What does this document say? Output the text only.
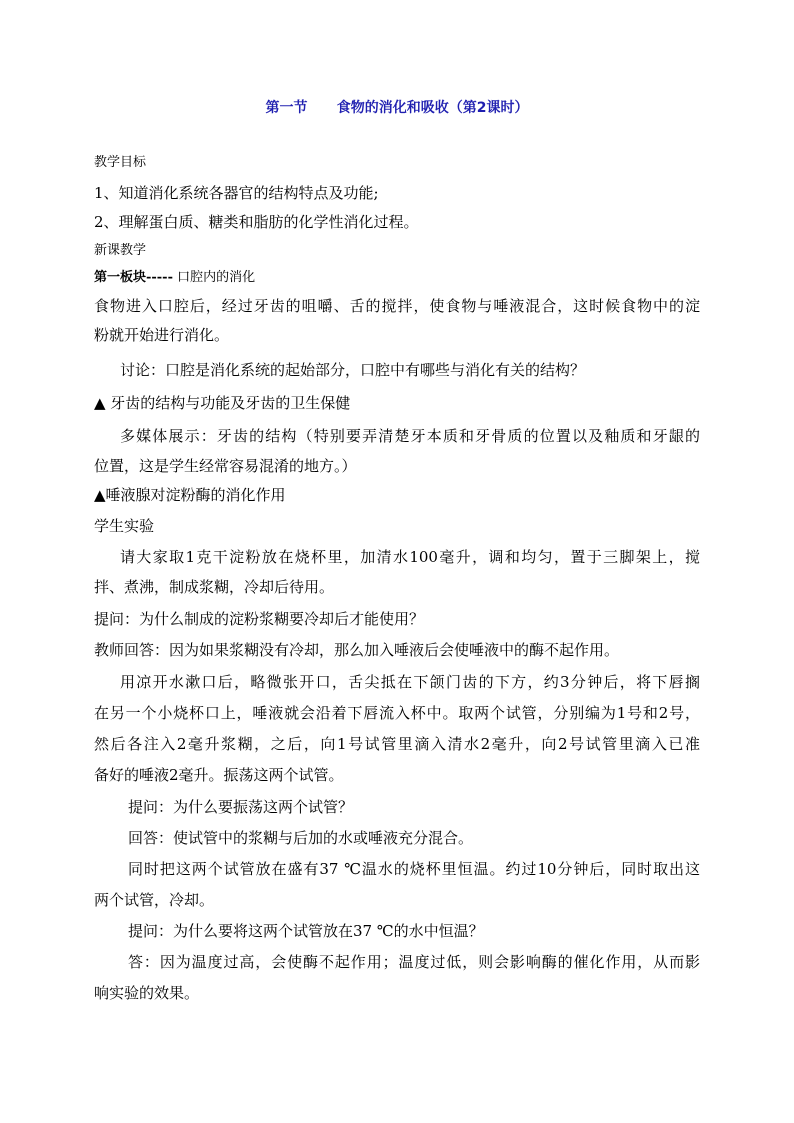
第一节      食物的消化和吸收（第2课时）
教学目标
1、知道消化系统各器官的结构特点及功能;
2、理解蛋白质、糖类和脂肪的化学性消化过程。
新课教学
第一板块----- 口腔内的消化
食物进入口腔后，经过牙齿的咀嚼、舌的搅拌，使食物与唾液混合，这时候食物中的淀
粉就开始进行消化。
讨论：口腔是消化系统的起始部分，口腔中有哪些与消化有关的结构？
▲ 牙齿的结构与功能及牙齿的卫生保健
多媒体展示：牙齿的结构（特别要弄清楚牙本质和牙骨质的位置以及釉质和牙龈的
位置，这是学生经常容易混淆的地方。）
▲唾液腺对淀粉酶的消化作用
学生实验
请大家取1克干淀粉放在烧杯里，加清水100毫升，调和均匀，置于三脚架上，搅
拌、煮沸，制成浆糊，冷却后待用。
提问：为什么制成的淀粉浆糊要冷却后才能使用？
教师回答：因为如果浆糊没有冷却，那么加入唾液后会使唾液中的酶不起作用。
用凉开水漱口后，略微张开口，舌尖抵在下颌门齿的下方，约3分钟后，将下唇搁
在另一个小烧杯口上，唾液就会沿着下唇流入杯中。取两个试管，分别编为1号和2号，
然后各注入2毫升浆糊，之后，向1号试管里滴入清水2毫升，向2号试管里滴入已准
备好的唾液2毫升。振荡这两个试管。
提问：为什么要振荡这两个试管？
回答：使试管中的浆糊与后加的水或唾液充分混合。
同时把这两个试管放在盛有37 ℃温水的烧杯里恒温。约过10分钟后，同时取出这
两个试管，冷却。
提问：为什么要将这两个试管放在37 ℃的水中恒温？
答：因为温度过高，会使酶不起作用；温度过低，则会影响酶的催化作用，从而影
响实验的效果。
